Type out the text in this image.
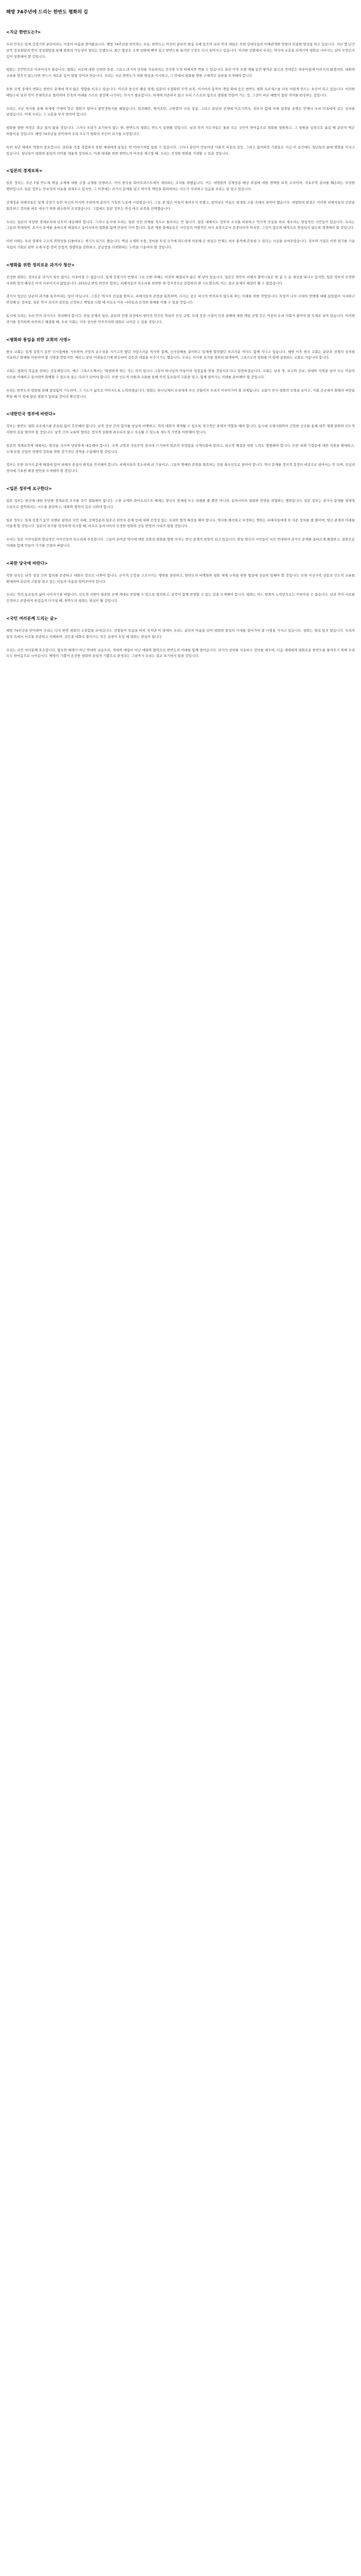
해방 74주년에 드리는 한반도 평화의 길
<지금 한반도는?>

우리 민족은 일제 강점기와 분단이라는 이중의 아픔을 겪어왔습니다. 해방 74주년을 맞이하는 오늘, 한반도는 여전히 분단의 현실 속에 있으며 남과 북의 대립은 주변 강대국들의 이해관계와 맞물려 복잡한 양상을 띠고 있습니다. 지난 몇 년간 남북 정상회담과 북미 정상회담을 통해 평화의 가능성이 열리는 듯했으나, 최근 협상은 교착 상태에 빠져 있고 한반도를 둘러싼 긴장은 다시 높아지고 있습니다. 이러한 상황에서 우리는 역사의 교훈을 되새기며 평화로 나아가는 길이 무엇인지 깊이 성찰해야 할 것입니다.

평화는 선언만으로 이루어지지 않습니다. 평화는 서로에 대한 신뢰와 존중, 그리고 과거의 상처를 치유하려는 진지한 노력 위에서만 싹틀 수 있습니다. 분단 이후 오랜 세월 동안 쌓여온 불신과 적대감은 하루아침에 사라지지 않겠지만, 대화와 교류를 멈추지 않는다면 반드시 새로운 길이 열릴 것이라 믿습니다. 우리는 지금 한반도가 처한 현실을 직시하고, 그 안에서 평화를 향한 구체적인 실천을 모색해야 합니다.

또한 국제 정세의 변화는 한반도 문제에 적지 않은 영향을 미치고 있습니다. 미국과 중국의 패권 경쟁, 일본의 우경화와 무역 보복, 러시아의 동북아 개입 확대 등은 한반도 평화 프로세스를 더욱 어렵게 만드는 요인이 되고 있습니다. 이러한 때일수록 남과 북이 주체적으로 협력하며 민족의 미래를 스스로 결정해 나가려는 의지가 필요합니다. 외세에 의존하지 않고 우리 스스로의 힘으로 평화를 만들어 가는 것, 그것이 바로 해방의 참된 의미를 완성하는 길입니다.

우리는 지난 역사를 통해 외세에 기대어 얻은 평화가 얼마나 불안정한지를 배웠습니다. 임진왜란, 병자호란, 구한말의 국권 상실, 그리고 분단과 전쟁에 이르기까지, 외부의 힘에 의해 결정된 운명은 언제나 우리 민족에게 깊은 상처를 남겼습니다. 이제 우리는 그 교훈을 잊지 말아야 합니다.

평화를 향한 여정은 결코 쉽지 않을 것입니다. 그러나 우리가 포기하지 않는 한, 한반도의 평화는 반드시 실현될 것입니다. 남과 북의 지도자들은 물론 모든 국민이 한마음으로 평화를 염원하고, 그 염원을 실천으로 옮길 때 분단의 벽은 허물어질 것입니다. 해방 74주년을 맞이하여 우리 모두가 평화의 주인이 되기를 소망합니다.

특히 청년 세대의 역할이 중요합니다. 분단을 직접 경험하지 못한 세대에게 통일은 먼 이야기처럼 들릴 수 있습니다. 그러나 분단이 만들어낸 사회적 비용과 갈등, 그리고 잃어버린 기회들은 지금 이 순간에도 청년들의 삶에 영향을 미치고 있습니다. 청년들이 평화와 통일의 의미를 새롭게 정의하고, 미래 세대를 위한 한반도의 비전을 제시할 때, 우리는 진정한 변화를 기대할 수 있을 것입니다.

<일본의 경제보복>

일본 정부는 지난 7월 반도체 핵심 소재에 대한 수출 규제를 단행하고, 이어 한국을 화이트리스트에서 제외하는 조치를 취했습니다. 이는 대법원의 강제징용 배상 판결에 대한 명백한 보복 조치이며, 자유무역 질서를 훼손하는 부당한 행위입니다. 일본 정부는 안보상의 이유를 내세우고 있지만, 그 이면에는 과거사 문제를 덮고 역사적 책임을 회피하려는 의도가 자리하고 있음을 우리는 잘 알고 있습니다.

강제징용 피해자들은 일제 강점기 동안 자신의 의사와 무관하게 끌려가 가혹한 노동에 시달렸습니다. 그들 중 많은 이들이 돌아오지 못했고, 살아남은 이들도 평생을 고통 속에서 살아야 했습니다. 대법원의 판결은 이러한 피해자들의 인권을 회복하고 정의를 바로 세우기 위한 최소한의 조치였습니다. 그럼에도 일본 정부는 반성 대신 보복을 선택했습니다.

우리는 일본의 부당한 경제보복에 단호히 대응해야 합니다. 그러나 동시에 우리는 일본 국민 전체를 적으로 돌려서는 안 됩니다. 일본 내에서도 정부의 조치를 비판하고 역사적 진실을 바로 세우려는 양심적인 시민들이 있습니다. 우리는 그들과 연대하며, 과거사 문제를 올바르게 해결하고 동아시아의 평화를 함께 만들어 가야 합니다. 일본 제품 불매운동은 시민들의 자발적인 의사 표현으로서 존중되어야 하지만, 그것이 혐오와 배척으로 변질되지 않도록 경계해야 할 것입니다.

이번 사태는 우리 경제의 구조적 취약성을 되돌아보는 계기가 되기도 했습니다. 핵심 소재와 부품, 장비를 특정 국가에 과도하게 의존해 온 현실은 언제든 외부 충격에 흔들릴 수 있다는 사실을 보여주었습니다. 정부와 기업은 이번 위기를 기술 자립의 기회로 삼아 소재·부품·장비 산업의 경쟁력을 강화하고, 공급망을 다변화하는 노력을 기울여야 할 것입니다.

<평화를 위한 정의로운 과거사 청산>

진정한 평화는 정의로운 과거사 청산 없이는 이루어질 수 없습니다. 일제 강점기의 만행과 그로 인한 피해는 여전히 해결되지 않은 채 남아 있습니다. 일본군 위안부 피해자 할머니들은 한 분 두 분 세상을 떠나고 있지만, 일본 정부의 진정한 사죄와 법적 배상은 아직 이루어지지 않았습니다. 2015년 한일 위안부 합의는 피해자들의 목소리를 외면한 채 정치적으로 봉합하려 한 시도였으며, 이는 결코 문제의 해결이 될 수 없었습니다.

과거사 청산은 단순히 과거를 들추어내는 일이 아닙니다. 그것은 역사의 진실을 밝히고, 피해자들의 존엄을 회복하며, 다시는 같은 비극이 반복되지 않도록 하는 미래를 위한 작업입니다. 독일이 나치 시대의 만행에 대해 끊임없이 사죄하고 반성해 온 것처럼, 일본 역시 과거의 잘못을 인정하고 책임을 다할 때 비로소 이웃 나라들과 진정한 화해를 이룰 수 있을 것입니다.

동시에 우리는 우리 안의 과거사도 정리해야 합니다. 친일 잔재의 청산, 분단과 전쟁 과정에서 벌어진 민간인 학살의 진상 규명, 독재 정권 시절의 인권 침해에 대한 책임 규명 등은 여전히 우리 사회가 풀어야 할 숙제로 남아 있습니다. 이러한 과거를 정직하게 마주하고 해결할 때, 우리 사회는 더욱 성숙한 민주주의와 평화로 나아갈 수 있을 것입니다.

<평화와 통일을 위한 교회의 사명>

한국 교회는 일제 강점기 동안 신사참배를 거부하며 신앙의 순수성을 지키고자 했던 자랑스러운 역사와 함께, 신사참배를 결의하고 일제에 협력했던 부끄러운 역사도 함께 지니고 있습니다. 해방 이후 한국 교회는 분단과 전쟁의 상처를 치유하고 화해를 이루어야 할 사명을 받았지만, 때로는 분단 이데올로기에 편승하여 갈등과 대립을 부추기기도 했습니다. 우리는 이러한 과거를 겸허히 회개하며, 그리스도의 평화를 이 땅에 실현하는 교회로 거듭나야 합니다.

교회는 평화의 복음을 전하는 공동체입니다. 예수 그리스도께서는 '화평하게 하는 자는 복이 있나니 그들이 하나님의 아들이라 일컬음을 받을 것임이요'라고 말씀하셨습니다. 교회는 남과 북, 보수와 진보, 세대와 지역을 넘어 모든 이들이 서로를 이해하고 용서하며 화해할 수 있도록 돕는 다리가 되어야 합니다. 또한 인도적 지원과 교류를 통해 북녘 동포들의 고통을 덜고, 함께 살아가는 미래를 준비해야 할 것입니다.

우리는 한반도의 평화를 위해 끊임없이 기도하며, 그 기도가 삶으로 이어지도록 노력하겠습니다. 평화는 하나님께서 우리에게 주신 선물이자 우리가 이루어가야 할 과제입니다. 교회가 먼저 평화의 모범을 보이고, 사회 곳곳에서 화해의 씨앗을 뿌릴 때 이 땅에 참된 평화가 꽃피울 것이라 확신합니다.

<대한민국 정부에 바란다>

정부는 한반도 평화 프로세스를 흔들림 없이 추진해야 합니다. 남북 정상 간의 합의를 성실히 이행하고, 북미 대화가 재개될 수 있도록 적극적인 중재자 역할을 해야 합니다. 동시에 국제사회와의 긴밀한 공조를 통해 대북 제재 완화와 인도적 지원의 길을 열어야 할 것입니다. 남북 간의 교류와 협력은 정치적 상황에 좌우되지 않고 지속될 수 있도록 제도적 기반을 마련해야 합니다.

일본의 경제보복에 대해서는 원칙을 지키며 당당하게 대응해야 합니다. 국제 규범과 자유무역 질서에 근거하여 일본의 부당함을 국제사회에 알리고, 외교적 해결을 위한 노력도 병행해야 합니다. 또한 피해 기업들에 대한 지원을 확대하고, 소재·부품 산업의 경쟁력 강화를 위한 장기적인 정책을 수립해야 할 것입니다.

정부는 또한 과거사 문제 해결에 있어 피해자 중심의 원칙을 견지해야 합니다. 피해자들의 목소리에 귀 기울이고, 그들의 명예와 존엄을 회복하는 것을 최우선으로 삼아야 합니다. 역사 문제를 정치적 흥정의 대상으로 삼아서는 안 되며, 진실과 정의에 기초한 해결 방안을 모색해야 할 것입니다.

<일본 정부에 요구한다>

일본 정부는 한국에 대한 부당한 경제보복 조치를 즉각 철회해야 합니다. 수출 규제와 화이트리스트 배제는 양국의 경제에 모두 피해를 줄 뿐만 아니라, 동아시아의 평화와 번영을 위협하는 행위입니다. 일본 정부는 과거사 문제를 경제적 수단으로 압박하려는 시도를 중단하고, 대화와 협력의 길로 나와야 합니다.

일본 정부는 일제 강점기 동안 자행된 침략과 식민 지배, 강제징용과 일본군 위안부 문제 등에 대해 진정성 있는 사죄와 법적 배상을 해야 합니다. 역사를 왜곡하고 부정하는 행위는 피해자들에게 또 다른 상처를 줄 뿐이며, 양국 관계의 미래를 어둡게 할 것입니다. 일본이 과거를 정직하게 직시할 때, 비로소 동아시아의 진정한 평화와 공동 번영의 시대가 열릴 것입니다.

우리는 일본 시민사회와 양심적인 지식인들의 목소리에 주목합니다. 그들이 보여준 역사에 대한 성찰과 평화를 향한 의지는 양국 관계의 희망이 되고 있습니다. 한일 양국의 시민들이 서로 연대하여 과거사 문제를 올바르게 해결하고, 평화로운 미래를 함께 만들어 가기를 간절히 바랍니다.

<북한 당국에 바란다>

북한 당국은 남북 정상 간의 합의를 존중하고 대화의 장으로 나와야 합니다. 군사적 긴장을 고조시키는 행위를 중단하고, 한반도의 비핵화와 평화 체제 구축을 위한 협상에 성실히 임해야 할 것입니다. 또한 이산가족 상봉과 인도적 교류를 확대하여 분단의 고통을 겪고 있는 이들의 아픔을 덜어주어야 합니다.

우리는 북녘 동포들의 삶이 나아지기를 바랍니다. 인도적 지원이 필요한 곳에 제대로 전달될 수 있도록 협력하고, 남북이 함께 번영할 수 있는 길을 모색해야 합니다. 평화는 어느 한쪽의 노력만으로는 이루어질 수 없습니다. 남과 북이 서로를 인정하고 존중하며 한걸음씩 다가설 때, 한반도의 평화는 현실이 될 것입니다.

<국민 여러분께 드리는 글>

해방 74주년을 맞이하며 우리는 다시 한번 평화의 소중함을 되새깁니다. 선열들이 목숨을 바쳐 지켜낸 이 땅에서 우리는 분단의 아픔을 넘어 평화와 통일의 시대를 열어가야 할 사명을 가지고 있습니다. 평화는 멀리 있지 않습니다. 우리의 일상 속에서 서로를 존중하고 이해하며, 갈등을 대화로 풀어가는 작은 실천이 모일 때 평화는 현실이 됩니다.

우리는 국민 여러분께 호소합니다. 혐오와 배제가 아닌 연대와 포용으로, 적대와 대립이 아닌 대화와 협력으로 한반도의 미래를 함께 열어갑시다. 과거의 상처를 치유하고 정의를 세우며, 다음 세대에게 평화로운 한반도를 물려주기 위해 우리 모두 한마음으로 나아갑시다. 해방의 기쁨이 온전한 평화와 통일의 기쁨으로 완성되는 그날까지 우리는 결코 포기하지 않을 것입니다.
